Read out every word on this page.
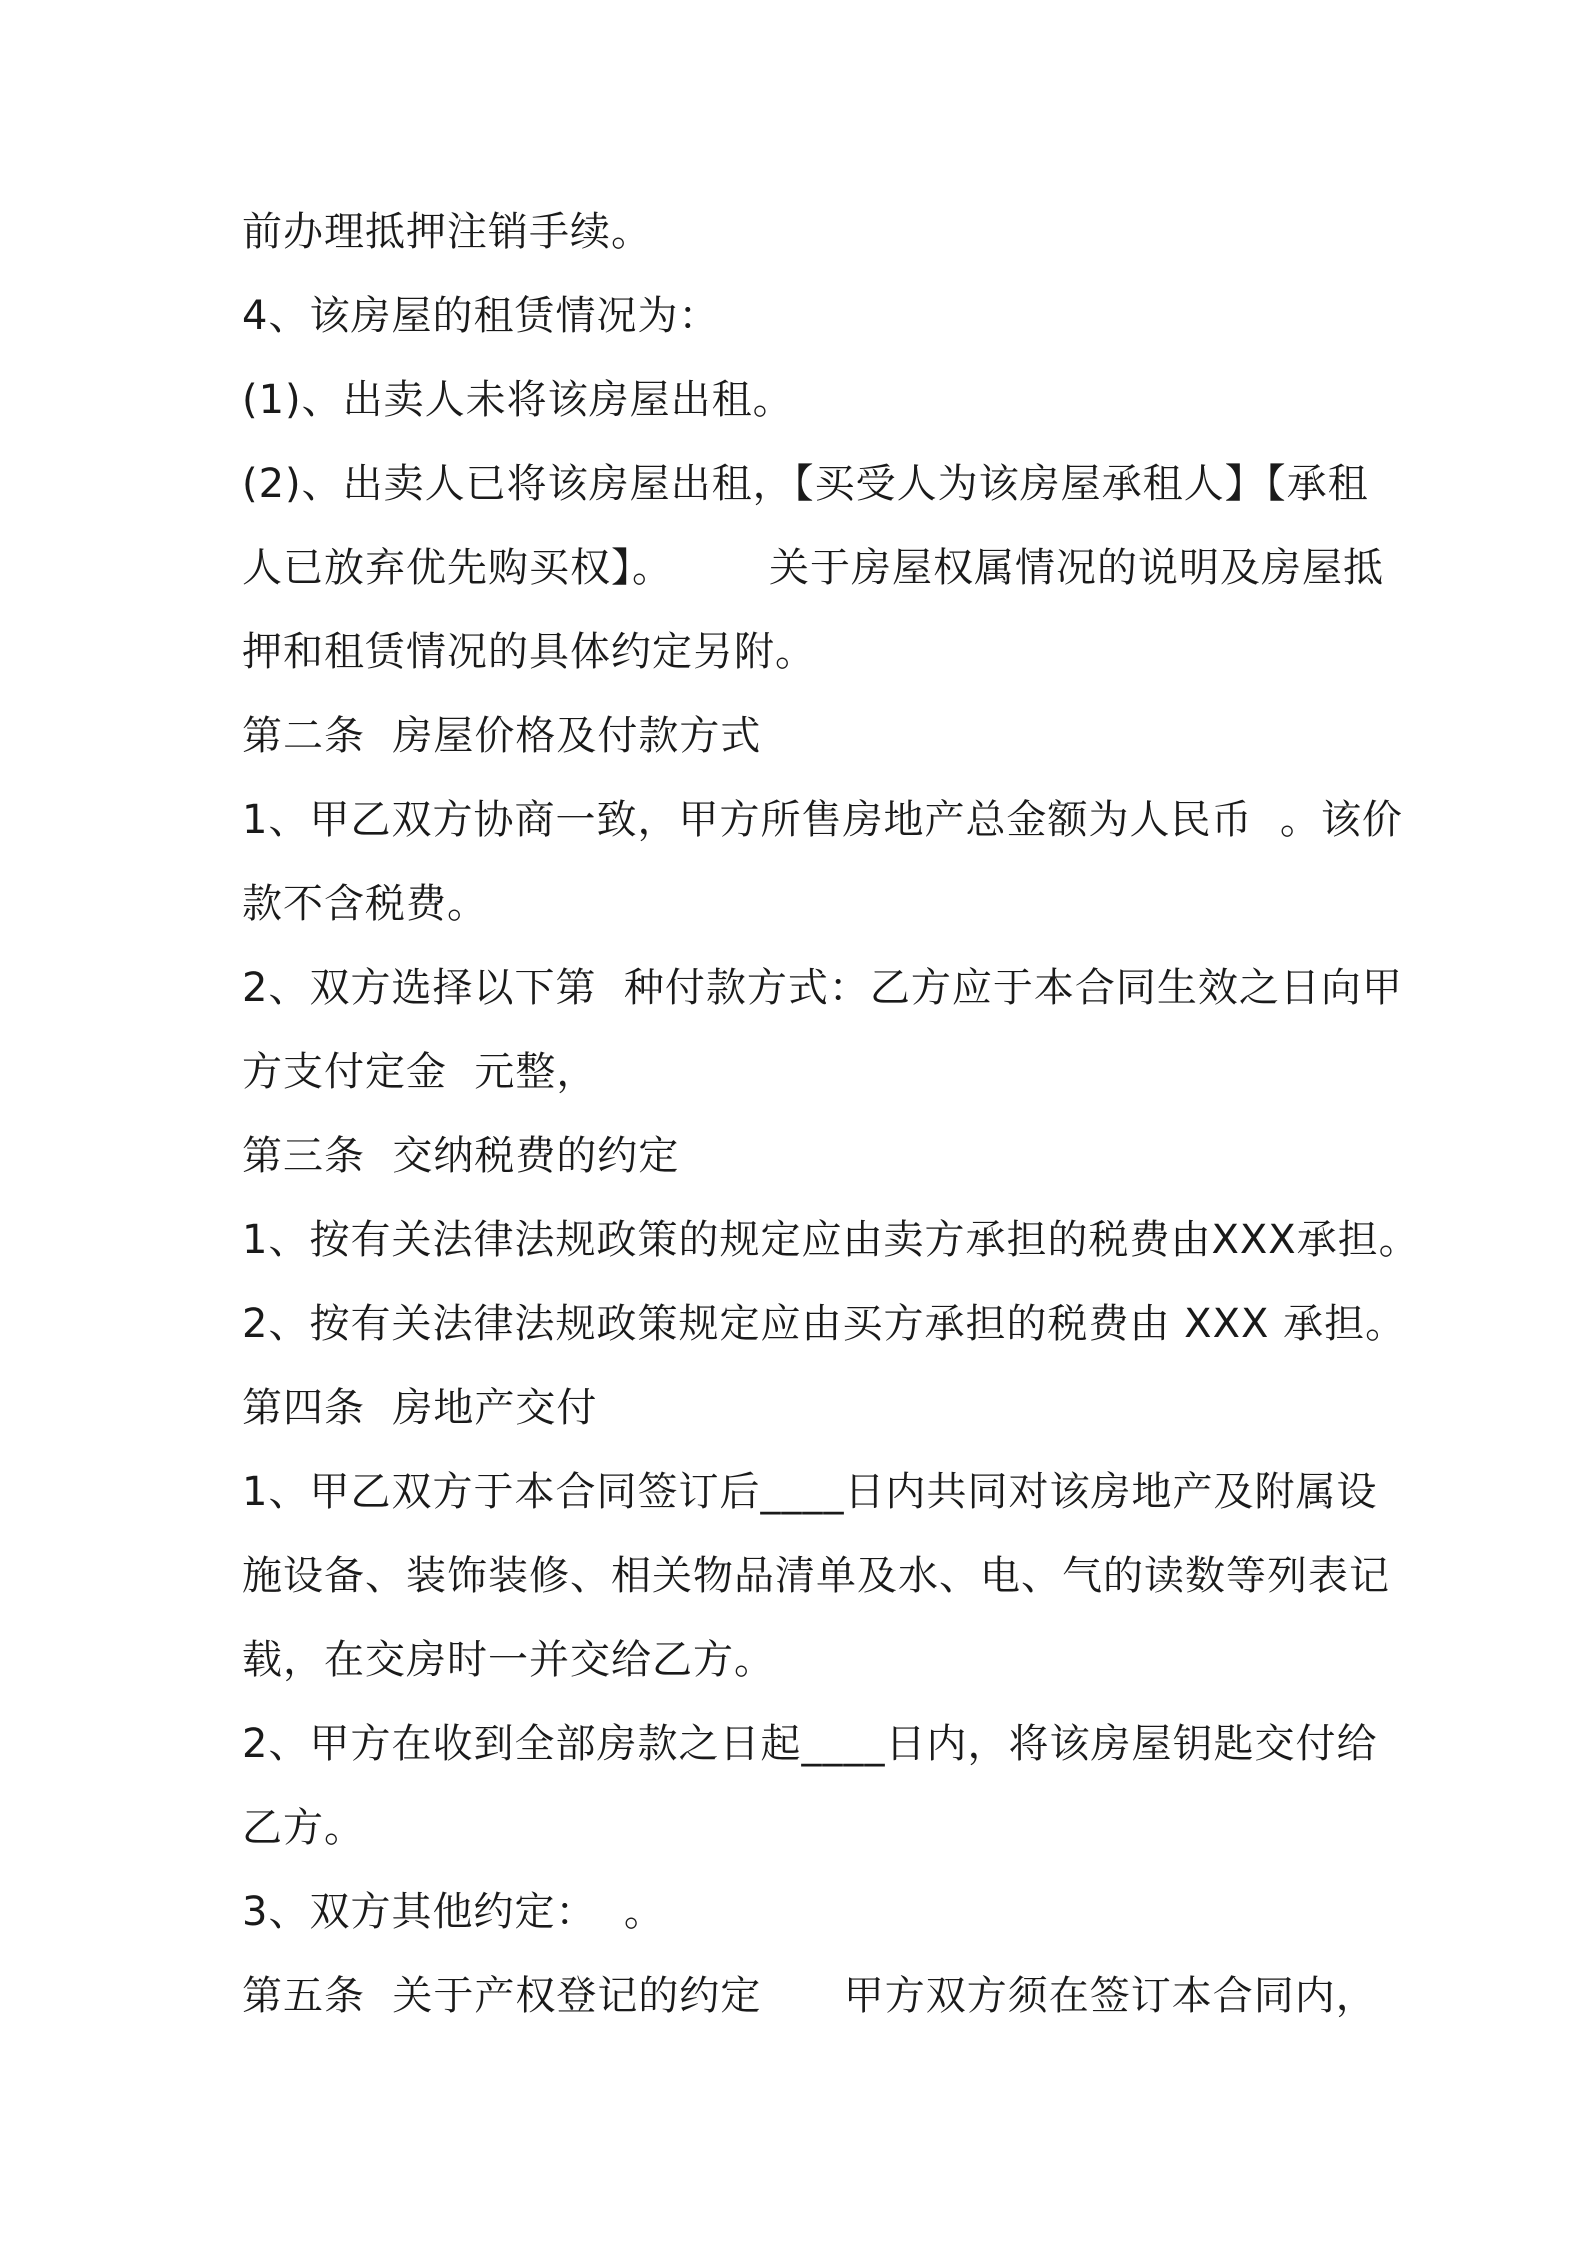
前办理抵押注销手续。
4、该房屋的租赁情况为：
(1)、出卖人未将该房屋出租。
(2)、出卖人已将该房屋出租，【买受人为该房屋承租人】【承租
人已放弃优先购买权】。       关于房屋权属情况的说明及房屋抵
押和租赁情况的具体约定另附。
第二条  房屋价格及付款方式
1、甲乙双方协商一致，甲方所售房地产总金额为人民币  。该价
款不含税费。
2、双方选择以下第  种付款方式：乙方应于本合同生效之日向甲
方支付定金  元整，
第三条  交纳税费的约定
1、按有关法律法规政策的规定应由卖方承担的税费由XXX承担。
2、按有关法律法规政策规定应由买方承担的税费由 XXX 承担。
第四条  房地产交付
1、甲乙双方于本合同签订后____日内共同对该房地产及附属设
施设备、装饰装修、相关物品清单及水、电、气的读数等列表记
载，在交房时一并交给乙方。
2、甲方在收到全部房款之日起____日内，将该房屋钥匙交付给
乙方。
3、双方其他约定：  。
第五条  关于产权登记的约定      甲方双方须在签订本合同内，
